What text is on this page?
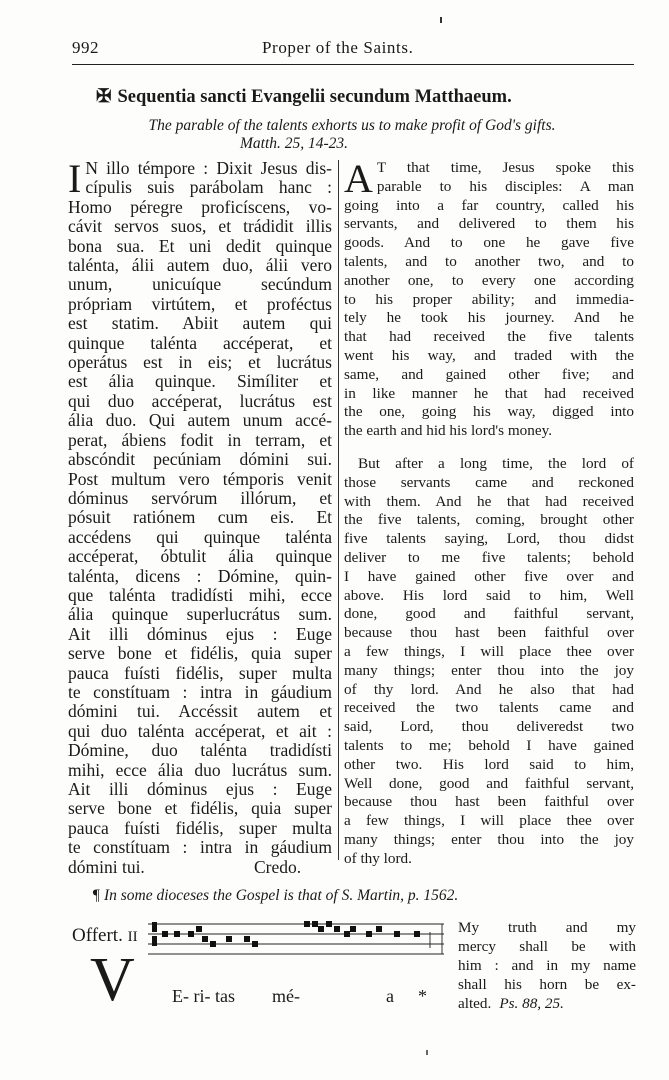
992	Proper of the Saints.
✠ Sequentia sancti Evangelii secundum Matthaeum.
The parable of the talents exhorts us to make profit of God's gifts.
Matth. 25, 14-23.
I N illo témpore : Dixit Jesus dis-
cípulis suis parábolam hanc :
Homo péregre proficíscens, vo-
cávit servos suos, et trádidit illis
bona sua. Et uni dedit quinque
talénta, álii autem duo, álii vero
unum, unicuíque secúndum
própriam virtútem, et proféctus
est statim. Abiit autem qui
quinque talénta accéperat, et
operátus est in eis; et lucrátus
est ália quinque. Simíliter et
qui duo accéperat, lucrátus est
ália duo. Qui autem unum accé-
perat, ábiens fodit in terram, et
abscóndit pecúniam dómini sui.
Post multum vero témporis venit
dóminus servórum illórum, et
pósuit ratiónem cum eis. Et
accédens qui quinque talénta
accéperat, óbtulit ália quinque
talénta, dicens : Dómine, quin-
que talénta tradidísti mihi, ecce
ália quinque superlucrátus sum.
Ait illi dóminus ejus : Euge
serve bone et fidélis, quia super
pauca fuísti fidélis, super multa
te constítuam : intra in gáudium
dómini tui. Accéssit autem et
qui duo talénta accéperat, et ait :
Dómine, duo talénta tradidísti
mihi, ecce ália duo lucrátus sum.
Ait illi dóminus ejus : Euge
serve bone et fidélis, quia super
pauca fuísti fidélis, super multa
te constítuam : intra in gáudium
dómini tui.	Credo.
A T that time, Jesus spoke this
parable to his disciples: A man
going into a far country, called his
servants, and delivered to them his
goods. And to one he gave five
talents, and to another two, and to
another one, to every one according
to his proper ability; and immedia-
tely he took his journey. And he
that had received the five talents
went his way, and traded with the
same, and gained other five; and
in like manner he that had received
the one, going his way, digged into
the earth and hid his lord's money.
But after a long time, the lord of
those servants came and reckoned
with them. And he that had received
the five talents, coming, brought other
five talents saying, Lord, thou didst
deliver to me five talents; behold
I have gained other five over and
above. His lord said to him, Well
done, good and faithful servant,
because thou hast been faithful over
a few things, I will place thee over
many things; enter thou into the joy
of thy lord. And he also that had
received the two talents came and
said, Lord, thou deliveredst two
talents to me; behold I have gained
other two. His lord said to him,
Well done, good and faithful servant,
because thou hast been faithful over
a few things, I will place thee over
many things; enter thou into the joy
of thy lord.
¶ In some dioceses the Gospel is that of S. Martin, p. 1562.
Offert. II
V E- ri- tas mé-	a *
My truth and my
mercy shall be with
him : and in my name
shall his horn be ex-
alted. Ps. 88, 25.
